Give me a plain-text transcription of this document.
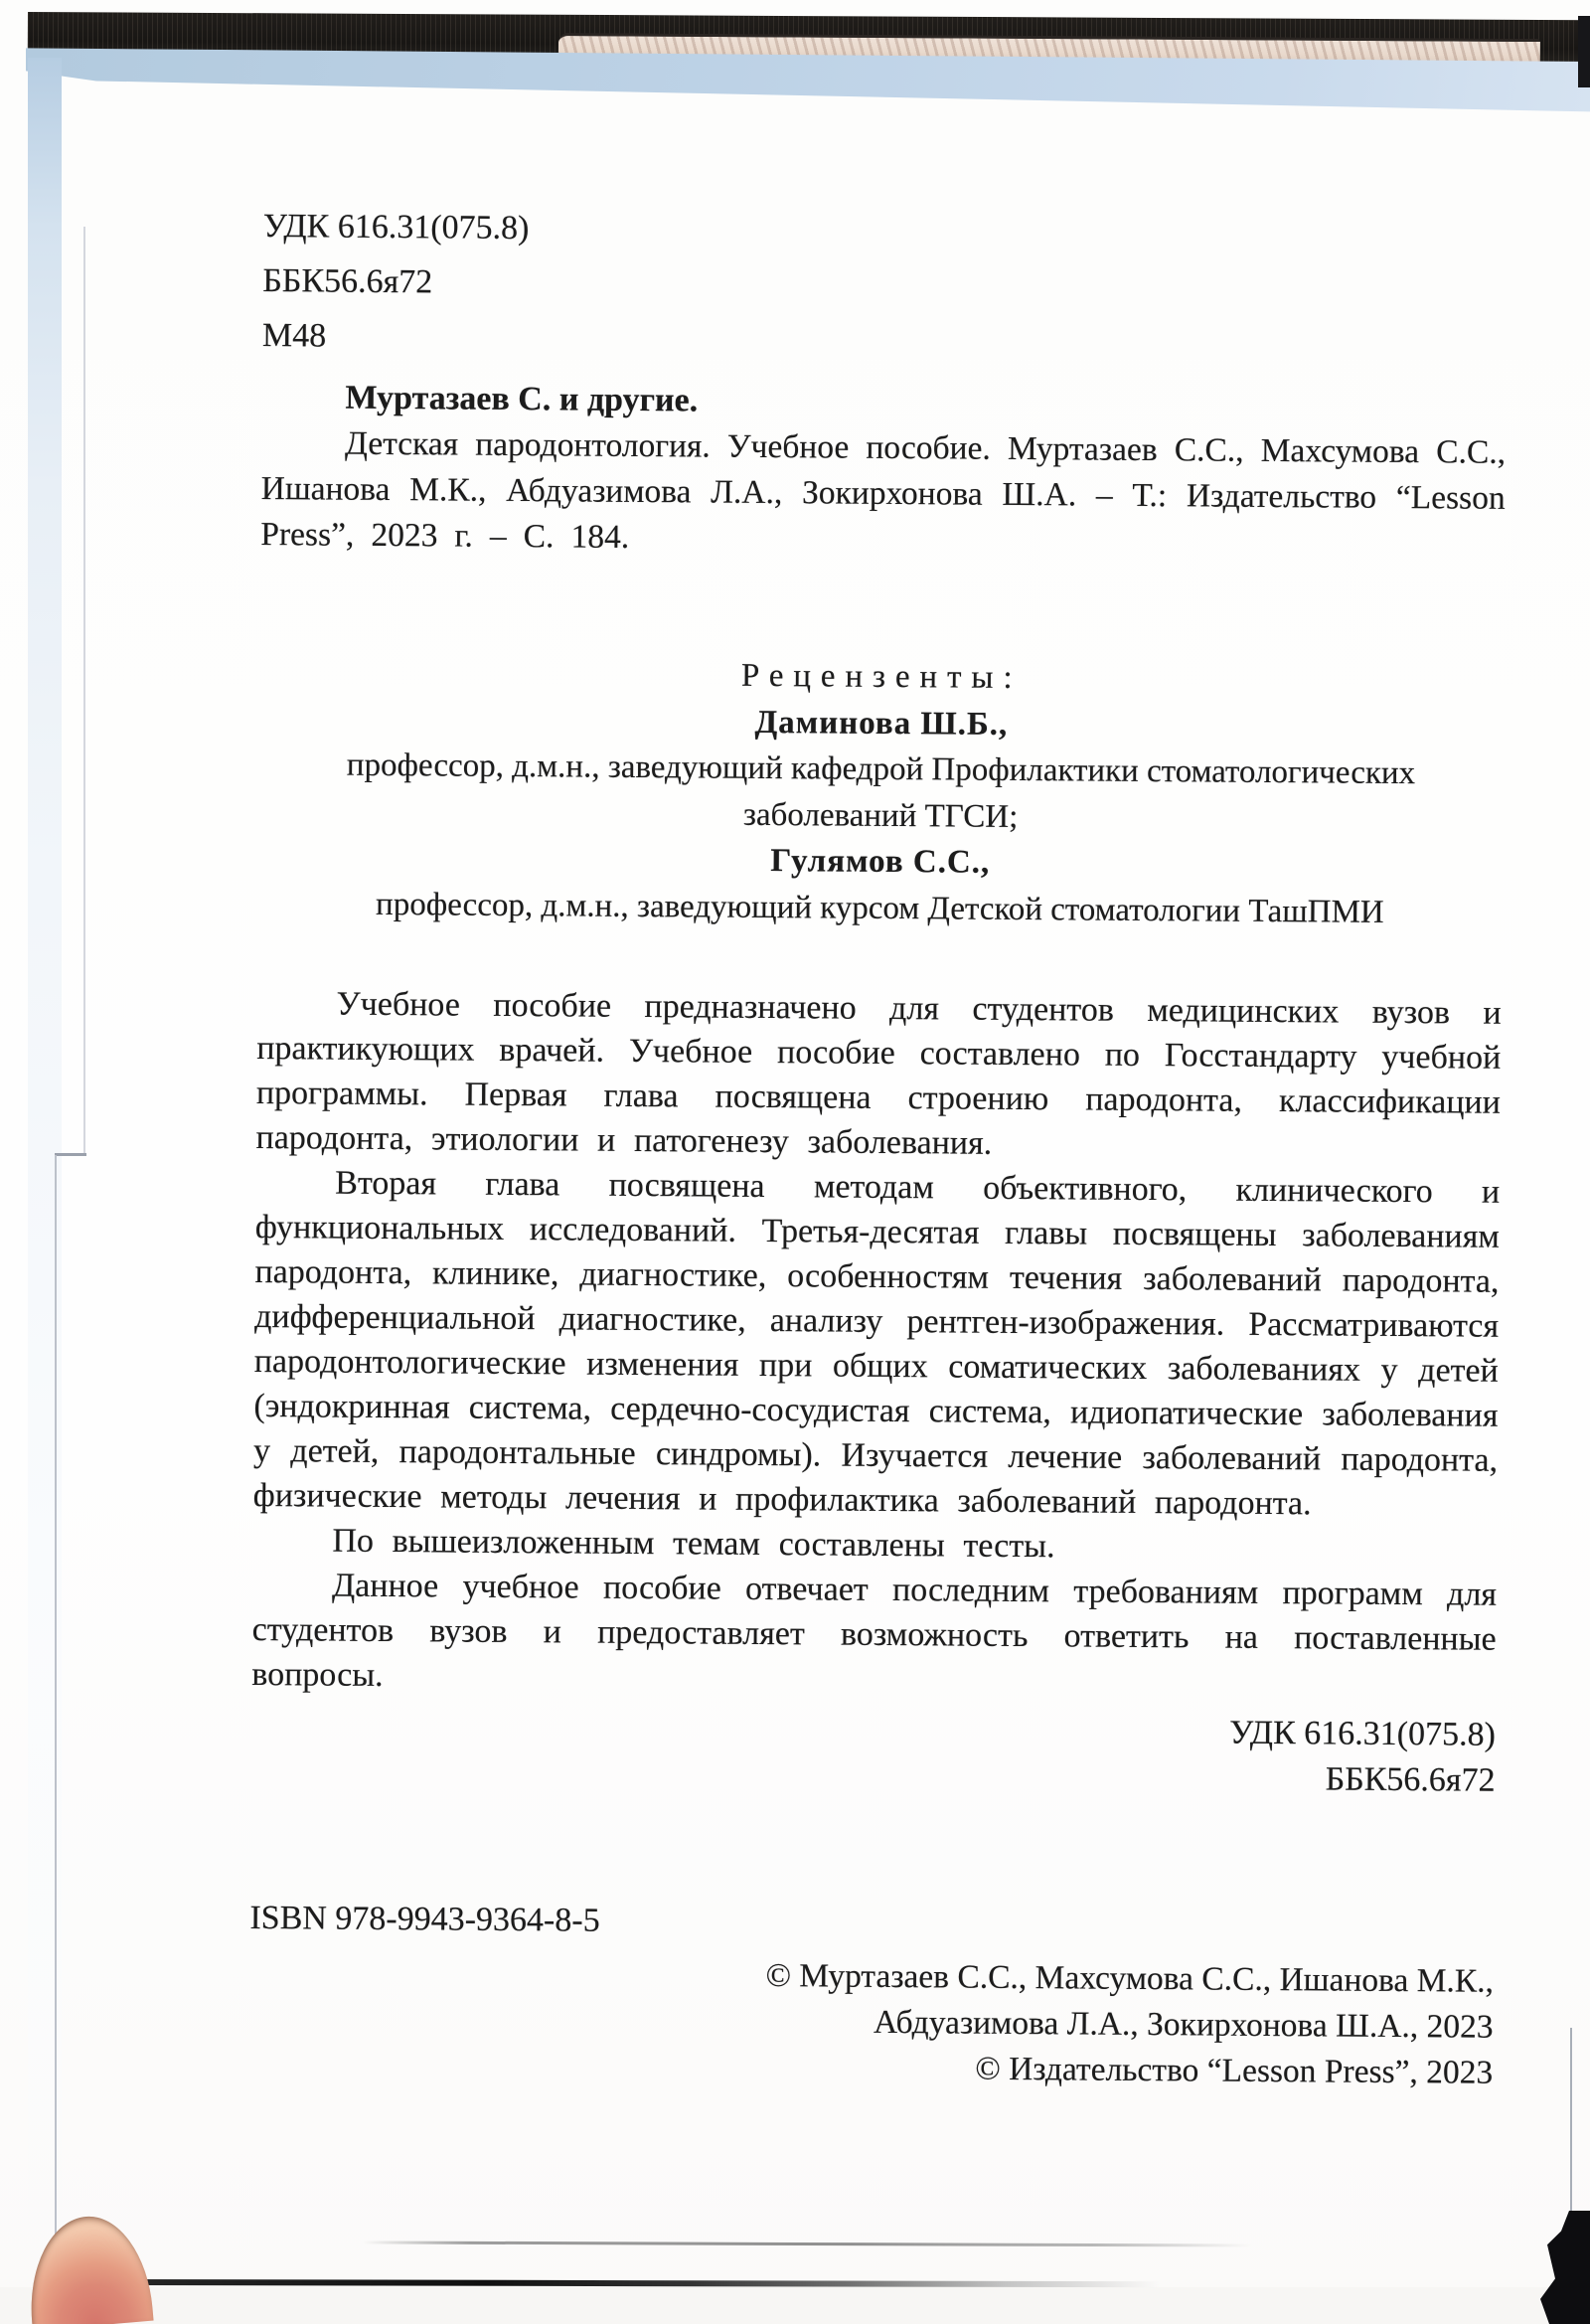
УДК 616.31(075.8)
ББК56.6я72
М48
Муртазаев С. и другие.

Детская пародонтология. Учебное пособие. Муртазаев С.С., Махсумова С.С., Ишанова М.К., Абдуазимова Л.А., Зокирхонова Ш.А. – Т.: Издательство “Lesson Press”, 2023 г. – С. 184.

Рецензенты:
Даминова Ш.Б.,
профессор, д.м.н., заведующий кафедрой Профилактики стоматологических заболеваний ТГСИ;
Гулямов С.С.,
профессор, д.м.н., заведующий курсом Детской стоматологии ТашПМИ

Учебное пособие предназначено для студентов медицинских вузов и практикующих врачей. Учебное пособие составлено по Госстандарту учебной программы. Первая глава посвящена строению пародонта, классификации пародонта, этиологии и патогенезу заболевания.

Вторая глава посвящена методам объективного, клинического и функциональных исследований. Третья-десятая главы посвящены заболеваниям пародонта, клинике, диагностике, особенностям течения заболеваний пародонта, дифференциальной диагностике, анализу рентген-изображения. Рассматриваются пародонтологические изменения при общих соматических заболеваниях у детей (эндокринная система, сердечно-сосудистая система, идиопатические заболевания у детей, пародонтальные синдромы). Изучается лечение заболеваний пародонта, физические методы лечения и профилактика заболеваний пародонта.

По вышеизложенным темам составлены тесты.

Данное учебное пособие отвечает последним требованиям программ для студентов вузов и предоставляет возможность ответить на поставленные вопросы.

УДК 616.31(075.8)
ББК56.6я72
ISBN 978-9943-9364-8-5
© Муртазаев С.С., Махсумова С.С., Ишанова М.К.,
Абдуазимова Л.А., Зокирхонова Ш.А., 2023
© Издательство “Lesson Press”, 2023
